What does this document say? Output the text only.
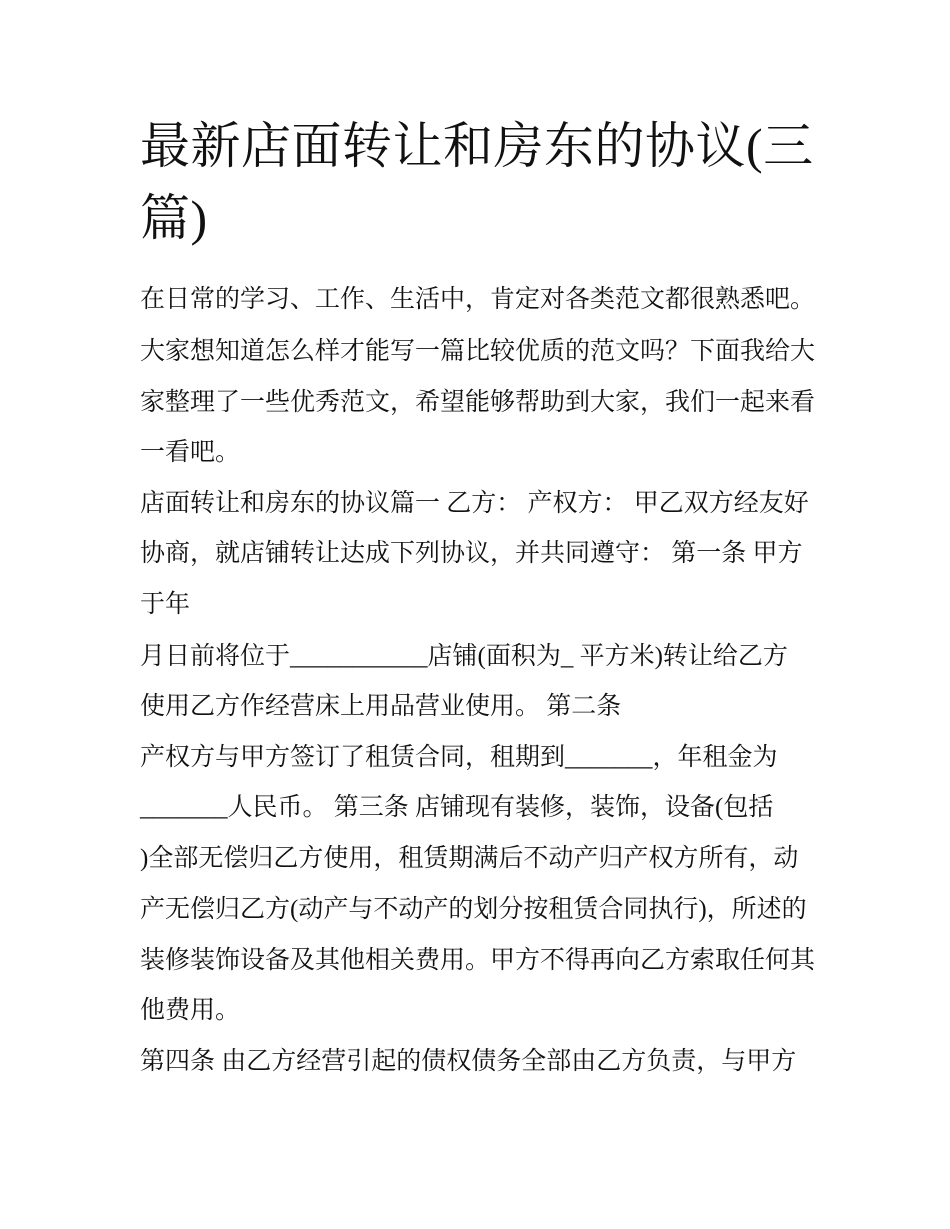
最新店面转让和房东的协议(三
篇)

在日常的学习、工作、生活中，肯定对各类范文都很熟悉吧。

大家想知道怎么样才能写一篇比较优质的范文吗？下面我给大

家整理了一些优秀范文，希望能够帮助到大家，我们一起来看

一看吧。

店面转让和房东的协议篇一 乙方： 产权方： 甲乙双方经友好

协商，就店铺转让达成下列协议，并共同遵守： 第一条 甲方

于年

月日前将位于___________店铺(面积为_ 平方米)转让给乙方

使用乙方作经营床上用品营业使用。 第二条

产权方与甲方签订了租赁合同，租期到_______，年租金为

_______人民币。 第三条 店铺现有装修，装饰，设备(包括

)全部无偿归乙方使用，租赁期满后不动产归产权方所有，动

产无偿归乙方(动产与不动产的划分按租赁合同执行)，所述的

装修装饰设备及其他相关费用。甲方不得再向乙方索取任何其

他费用。

第四条 由乙方经营引起的债权债务全部由乙方负责，与甲方
